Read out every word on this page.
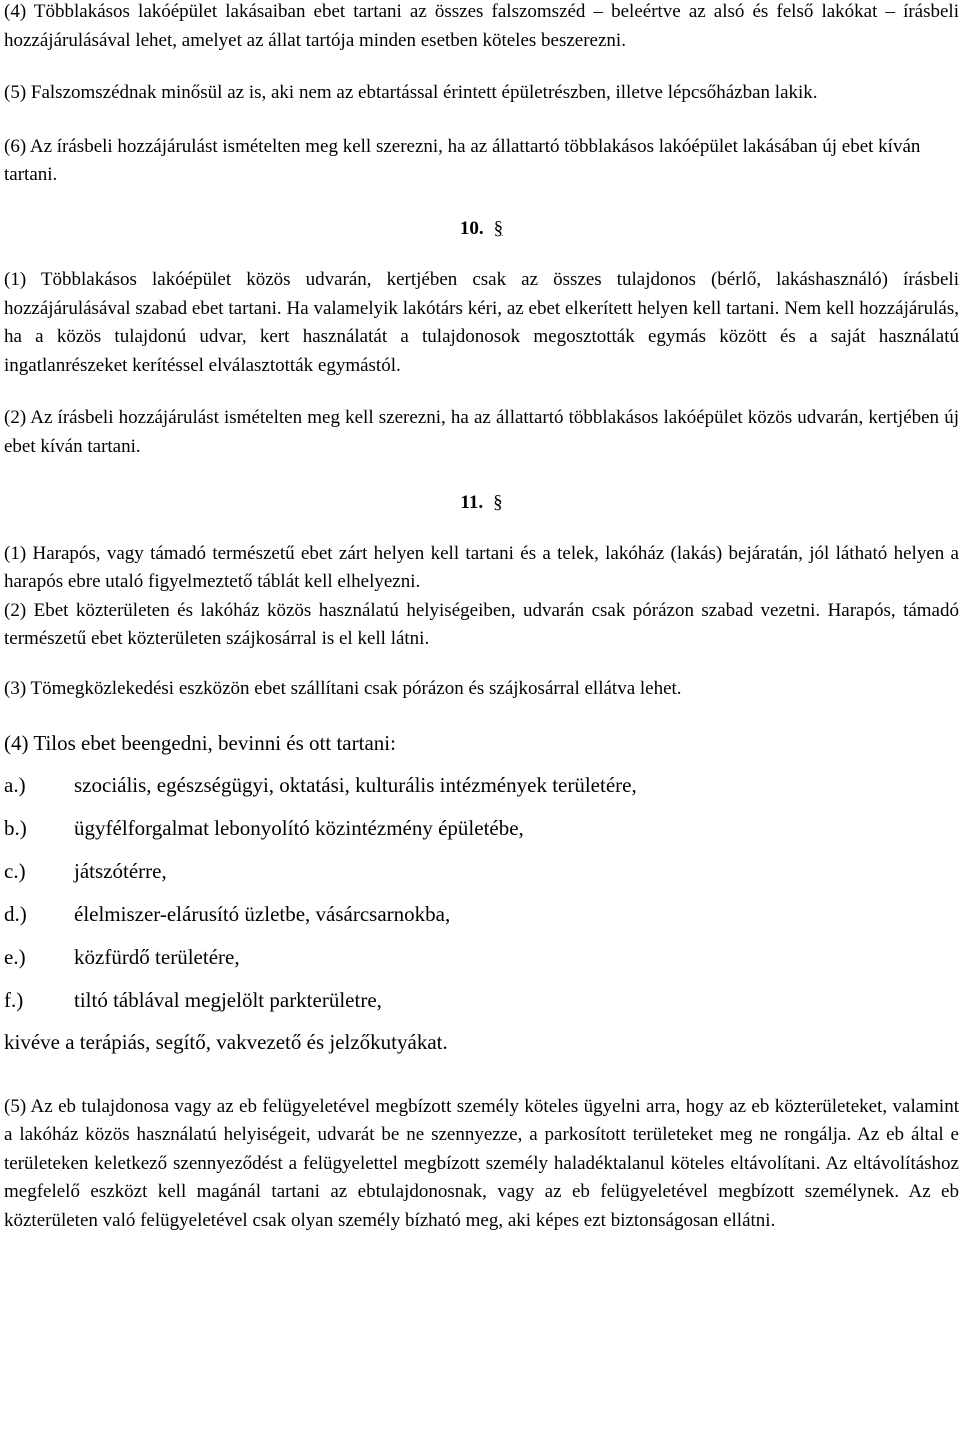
(4) Többlakásos lakóépület lakásaiban ebet tartani az összes falszomszéd – beleértve az alsó és felső lakókat – írásbeli hozzájárulásával lehet, amelyet az állat tartója minden esetben köteles beszerezni.

(5) Falszomszédnak minősül az is, aki nem az ebtartással érintett épületrészben, illetve lépcsőházban lakik.

(6) Az írásbeli hozzájárulást ismételten meg kell szerezni, ha az állattartó többlakásos lakóépület lakásában új ebet kíván tartani.

10. §

(1) Többlakásos lakóépület közös udvarán, kertjében csak az összes tulajdonos (bérlő, lakáshasználó) írásbeli hozzájárulásával szabad ebet tartani. Ha valamelyik lakótárs kéri, az ebet elkerített helyen kell tartani. Nem kell hozzájárulás, ha a közös tulajdonú udvar, kert használatát a tulajdonosok megosztották egymás között és a saját használatú ingatlanrészeket kerítéssel elválasztották egymástól.

(2) Az írásbeli hozzájárulást ismételten meg kell szerezni, ha az állattartó többlakásos lakóépület közös udvarán, kertjében új ebet kíván tartani.

11. §

(1) Harapós, vagy támadó természetű ebet zárt helyen kell tartani és a telek, lakóház (lakás) bejáratán, jól látható helyen a harapós ebre utaló figyelmeztető táblát kell elhelyezni.

(2) Ebet közterületen és lakóház közös használatú helyiségeiben, udvarán csak pórázon szabad vezetni. Harapós, támadó természetű ebet közterületen szájkosárral is el kell látni.

(3) Tömegközlekedési eszközön ebet szállítani csak pórázon és szájkosárral ellátva lehet.

(4) Tilos ebet beengedni, bevinni és ott tartani:

a.)	szociális, egészségügyi, oktatási, kulturális intézmények területére,
b.)	ügyfélforgalmat lebonyolító közintézmény épületébe,
c.)	játszótérre,
d.)	élelmiszer-elárusító üzletbe, vásárcsarnokba,
e.)	közfürdő területére,
f.)	tiltó táblával megjelölt parkterületre,

kivéve a terápiás, segítő, vakvezető és jelzőkutyákat.

(5) Az eb tulajdonosa vagy az eb felügyeletével megbízott személy köteles ügyelni arra, hogy az eb közterületeket, valamint a lakóház közös használatú helyiségeit, udvarát be ne szennyezze, a parkosított területeket meg ne rongálja. Az eb által e területeken keletkező szennyeződést a felügyelettel megbízott személy haladéktalanul köteles eltávolítani. Az eltávolításhoz megfelelő eszközt kell magánál tartani az ebtulajdonosnak, vagy az eb felügyeletével megbízott személynek. Az eb közterületen való felügyeletével csak olyan személy bízható meg, aki képes ezt biztonságosan ellátni.
